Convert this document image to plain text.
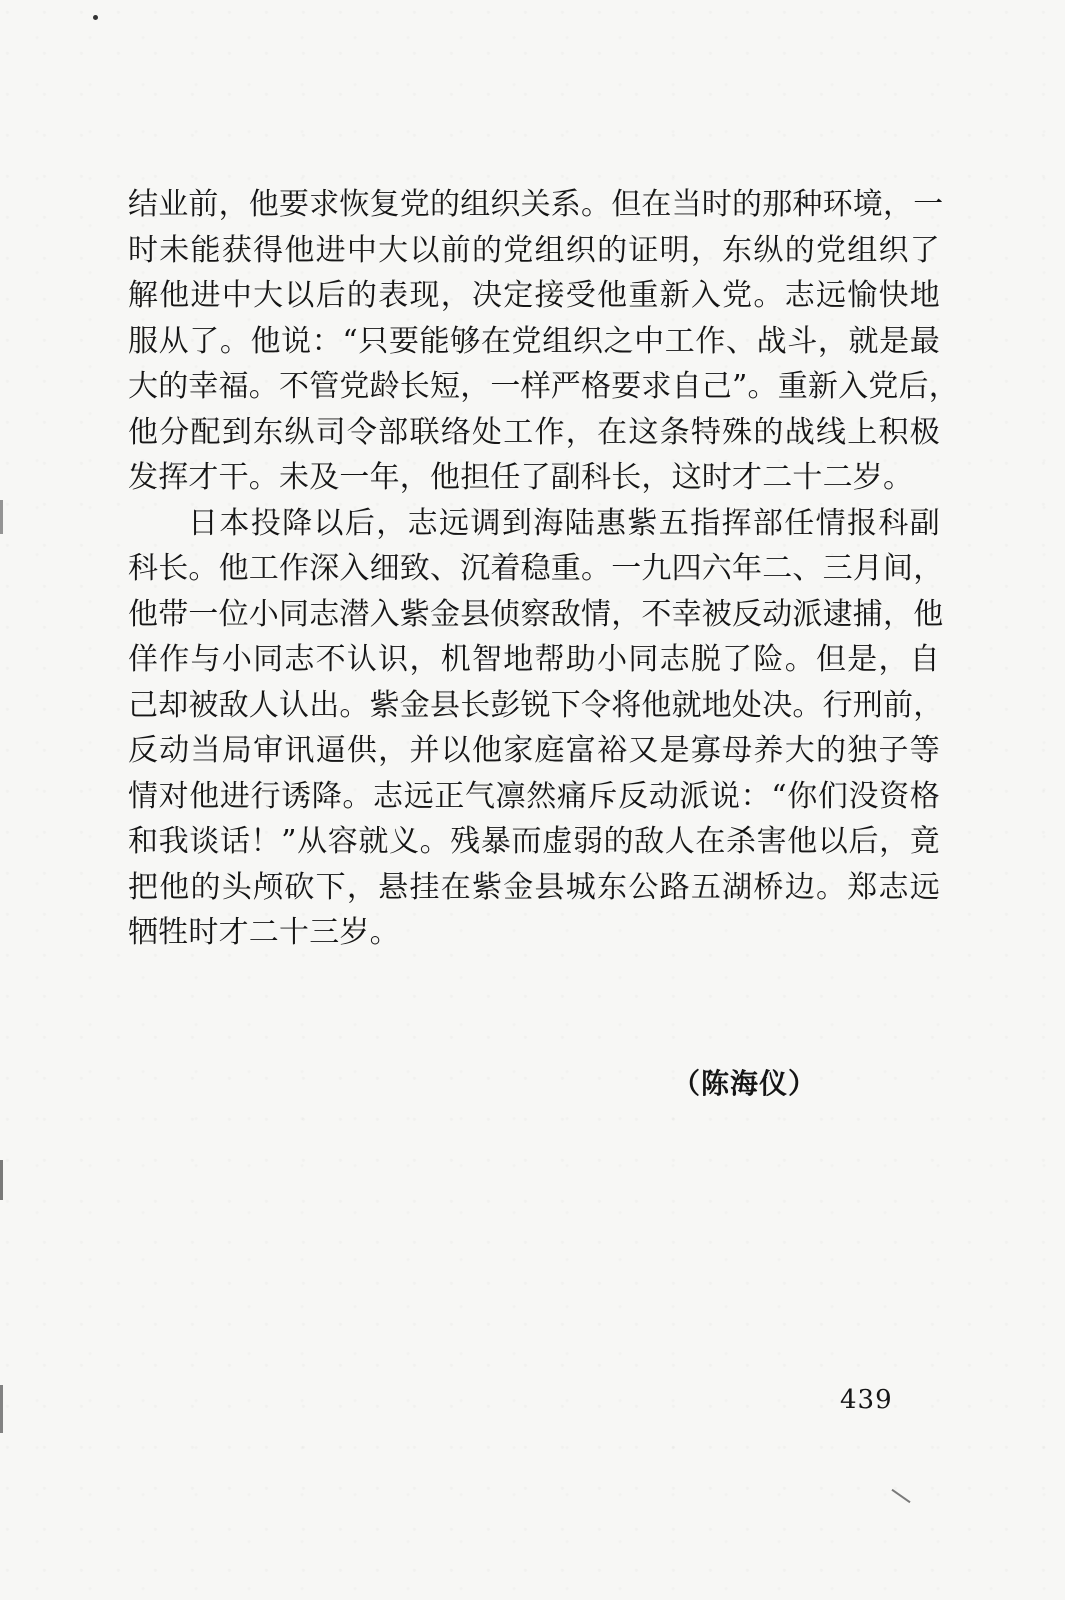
结业前，他要求恢复党的组织关系。但在当时的那种环境，一
时未能获得他进中大以前的党组织的证明，东纵的党组织了
解他进中大以后的表现，决定接受他重新入党。志远愉快地
服从了。他说：“只要能够在党组织之中工作、战斗，就是最
大的幸福。不管党龄长短，一样严格要求自己”。重新入党后，
他分配到东纵司令部联络处工作，在这条特殊的战线上积极
发挥才干。未及一年，他担任了副科长，这时才二十二岁。

日本投降以后，志远调到海陆惠紫五指挥部任情报科副
科长。他工作深入细致、沉着稳重。一九四六年二、三月间，
他带一位小同志潜入紫金县侦察敌情，不幸被反动派逮捕，他
佯作与小同志不认识，机智地帮助小同志脱了险。但是，自
己却被敌人认出。紫金县长彭锐下令将他就地处决。行刑前，
反动当局审讯逼供，并以他家庭富裕又是寡母养大的独子等
情对他进行诱降。志远正气凛然痛斥反动派说：“你们没资格
和我谈话！”从容就义。残暴而虚弱的敌人在杀害他以后，竟
把他的头颅砍下，悬挂在紫金县城东公路五湖桥边。郑志远
牺牲时才二十三岁。

（陈海仪）
439
